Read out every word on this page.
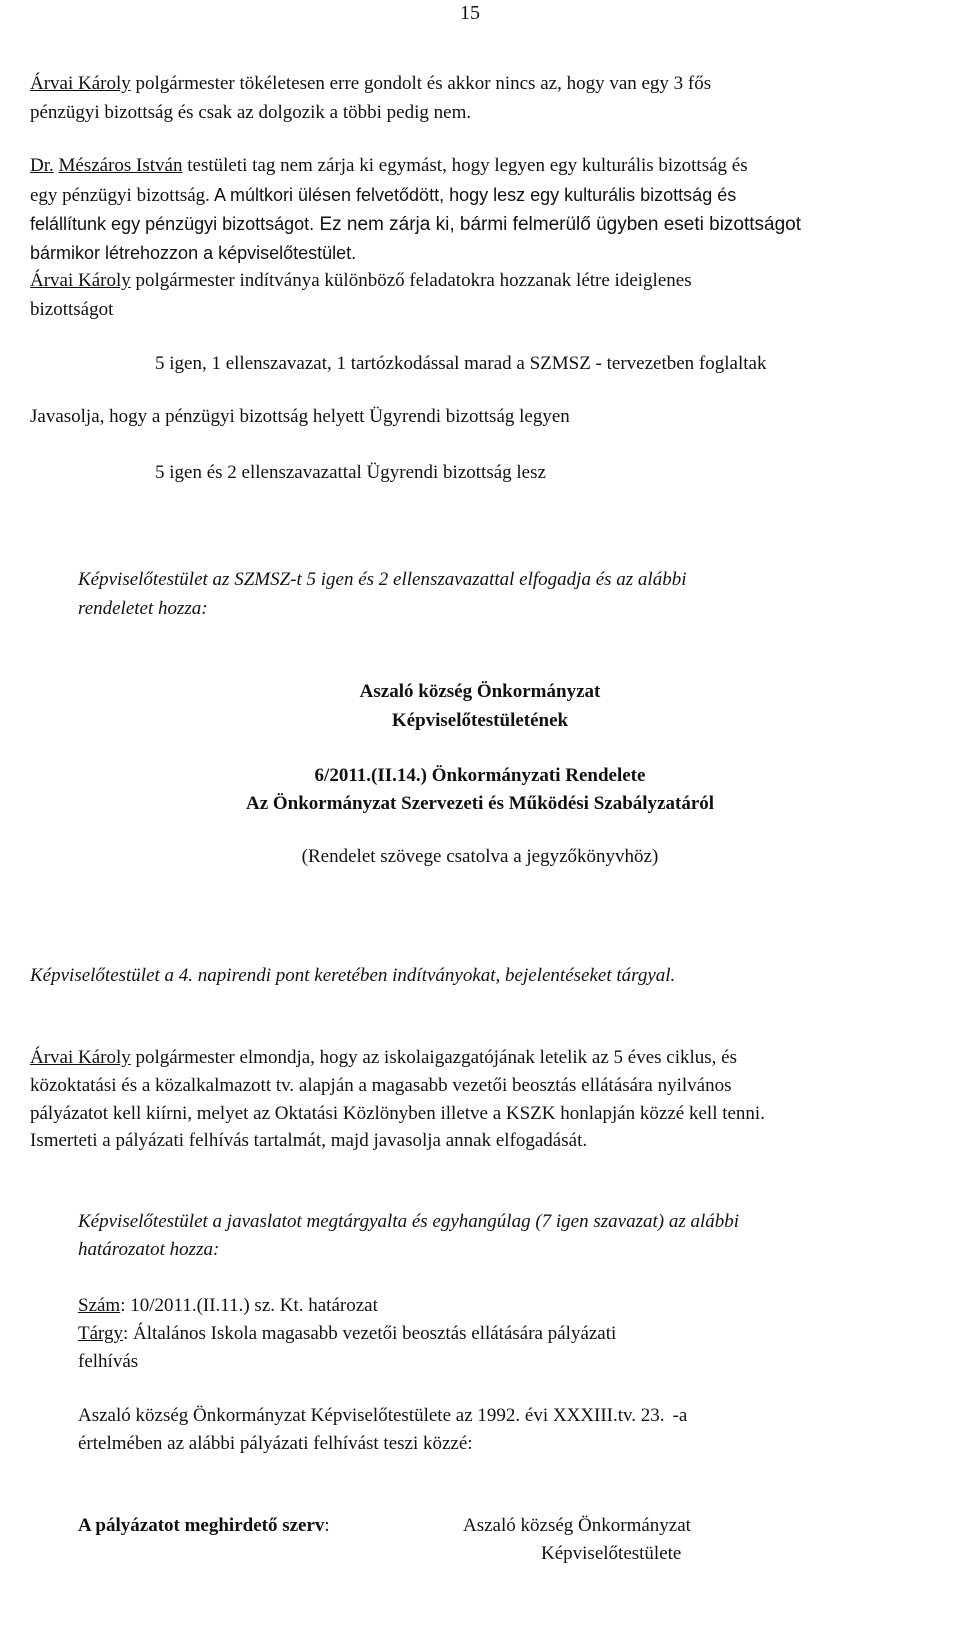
15
Árvai Károly polgármester tökéletesen erre gondolt és akkor nincs az, hogy van egy 3 fős
pénzügyi bizottság és csak az dolgozik a többi pedig nem.
Dr. Mészáros István testületi tag nem zárja ki egymást, hogy legyen egy kulturális bizottság és
egy pénzügyi bizottság. A múltkori ülésen felvetődött, hogy lesz egy kulturális bizottság és
felállítunk egy pénzügyi bizottságot. Ez nem zárja ki, bármi felmerülő ügyben eseti bizottságot
bármikor létrehozzon a képviselőtestület.
Árvai Károly polgármester indítványa különböző feladatokra hozzanak létre ideiglenes
bizottságot
5 igen, 1 ellenszavazat, 1 tartózkodással marad a SZMSZ - tervezetben foglaltak
Javasolja, hogy a pénzügyi bizottság helyett Ügyrendi bizottság legyen
5 igen és 2 ellenszavazattal Ügyrendi bizottság lesz
Képviselőtestület az SZMSZ-t 5 igen és 2 ellenszavazattal elfogadja és az alábbi
rendeletet hozza:
Aszaló község Önkormányzat
Képviselőtestületének
6/2011.(II.14.) Önkormányzati Rendelete
Az Önkormányzat Szervezeti és Működési Szabályzatáról
(Rendelet szövege csatolva a jegyzőkönyvhöz)
Képviselőtestület a 4. napirendi pont keretében indítványokat, bejelentéseket tárgyal.
Árvai Károly polgármester elmondja, hogy az iskolaigazgatójának letelik az 5 éves ciklus, és
közoktatási és a közalkalmazott tv. alapján a magasabb vezetői beosztás ellátására nyilvános
pályázatot kell kiírni, melyet az Oktatási Közlönyben illetve a KSZK honlapján közzé kell tenni.
Ismerteti a pályázati felhívás tartalmát, majd javasolja annak elfogadását.
Képviselőtestület a javaslatot megtárgyalta és egyhangúlag (7 igen szavazat) az alábbi
határozatot hozza:
Szám: 10/2011.(II.11.) sz. Kt. határozat
Tárgy: Általános Iskola magasabb vezetői beosztás ellátására pályázati
felhívás
Aszaló község Önkormányzat Képviselőtestülete az 1992. évi XXXIII.tv. 23. -a
értelmében az alábbi pályázati felhívást teszi közzé:
A pályázatot meghirdető szerv:	Aszaló község Önkormányzat
Képviselőtestülete
